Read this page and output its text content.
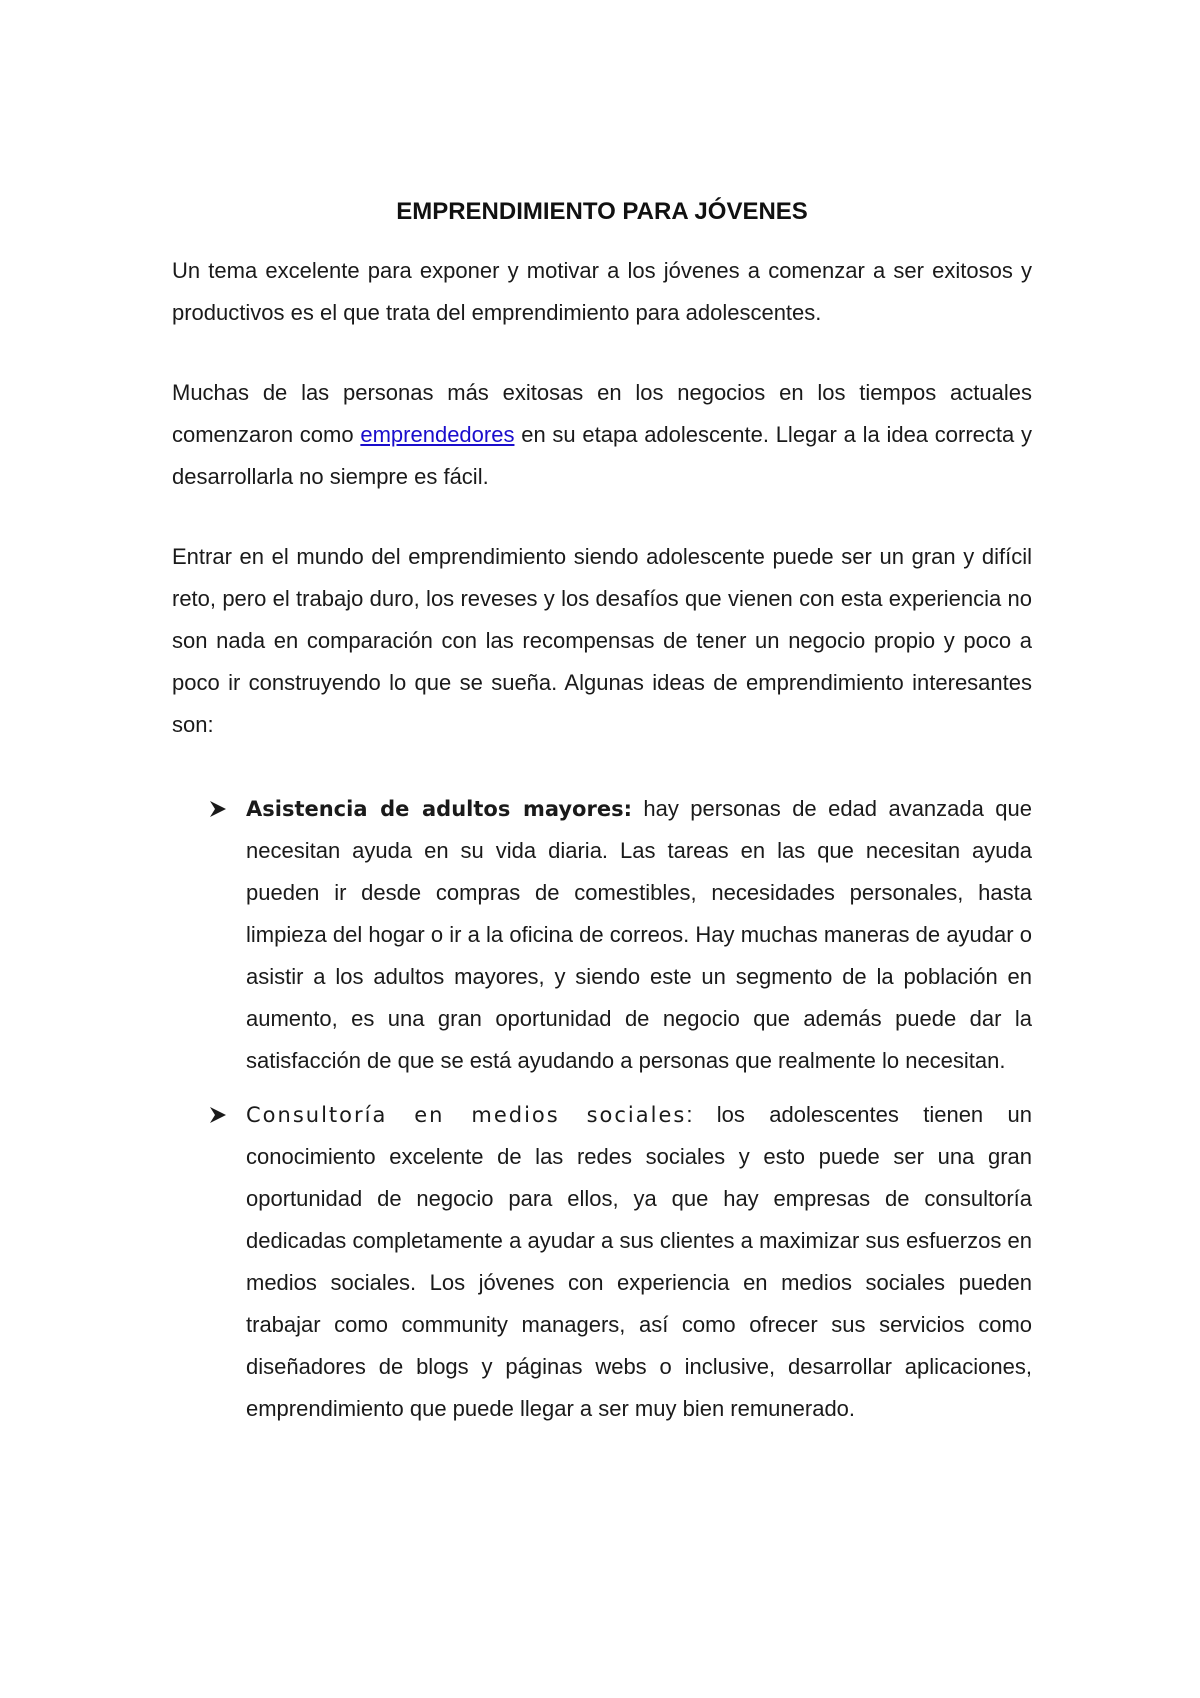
EMPRENDIMIENTO PARA JÓVENES

Un tema excelente para exponer y motivar a los jóvenes a comenzar a ser exitosos y productivos es el que trata del emprendimiento para adolescentes.

Muchas de las personas más exitosas en los negocios en los tiempos actuales comenzaron como emprendedores en su etapa adolescente. Llegar a la idea correcta y desarrollarla no siempre es fácil.

Entrar en el mundo del emprendimiento siendo adolescente puede ser un gran y difícil reto, pero el trabajo duro, los reveses y los desafíos que vienen con esta experiencia no son nada en comparación con las recompensas de tener un negocio propio y poco a poco ir construyendo lo que se sueña. Algunas ideas de emprendimiento interesantes son:

Asistencia de adultos mayores: hay personas de edad avanzada que necesitan ayuda en su vida diaria. Las tareas en las que necesitan ayuda pueden ir desde compras de comestibles, necesidades personales, hasta limpieza del hogar o ir a la oficina de correos. Hay muchas maneras de ayudar o asistir a los adultos mayores, y siendo este un segmento de la población en aumento, es una gran oportunidad de negocio que además puede dar la satisfacción de que se está ayudando a personas que realmente lo necesitan.
Consultoría en medios sociales: los adolescentes tienen un conocimiento excelente de las redes sociales y esto puede ser una gran oportunidad de negocio para ellos, ya que hay empresas de consultoría dedicadas completamente a ayudar a sus clientes a maximizar sus esfuerzos en medios sociales. Los jóvenes con experiencia en medios sociales pueden trabajar como community managers, así como ofrecer sus servicios como diseñadores de blogs y páginas webs o inclusive, desarrollar aplicaciones, emprendimiento que puede llegar a ser muy bien remunerado.
